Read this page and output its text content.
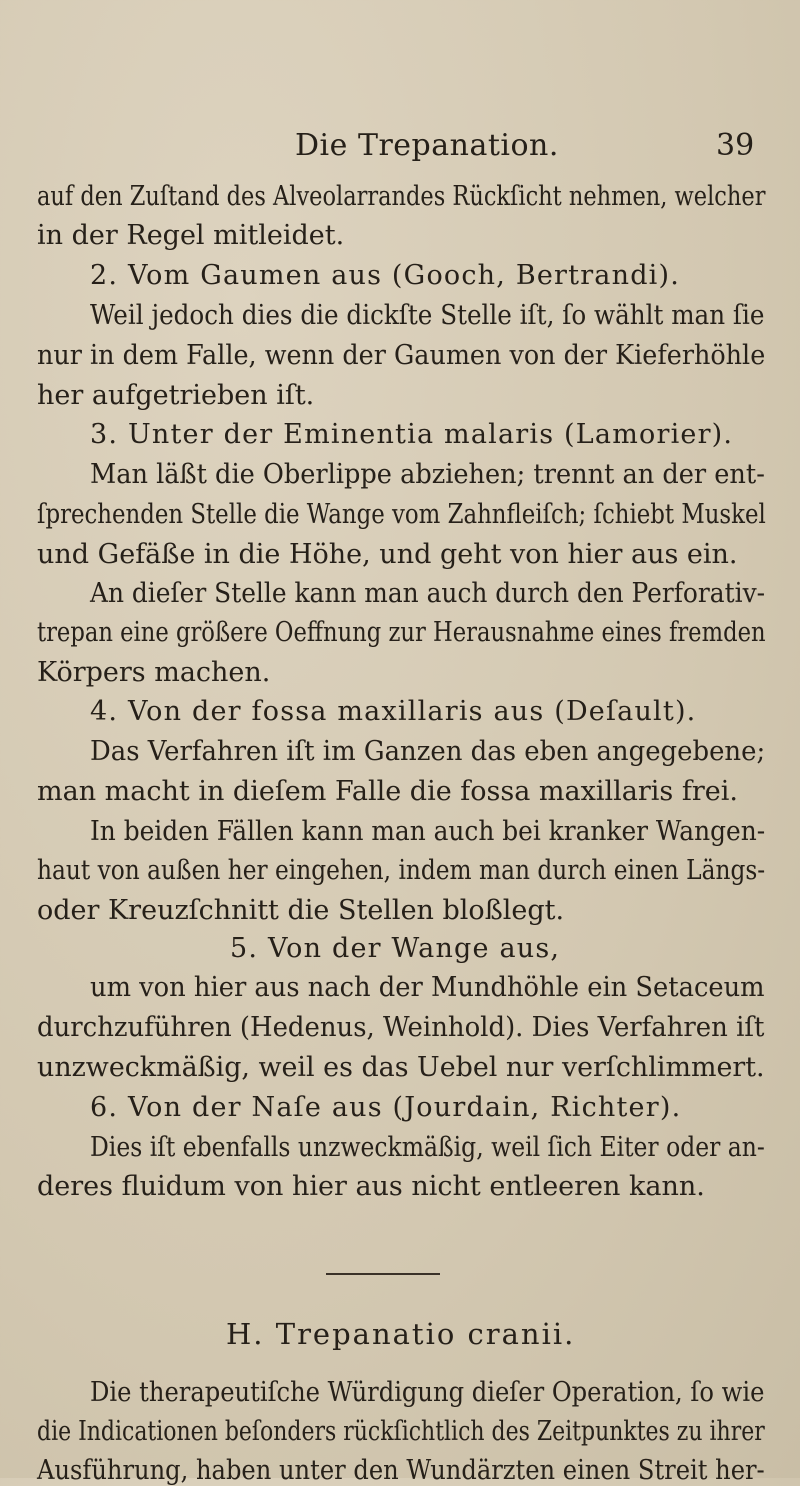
Die Trepanation.	39
auf den Zuſtand des Alveolarrandes Rückſicht nehmen, welcher
in der Regel mitleidet.
2. Vom Gaumen aus (Gooch, Bertrandi).
Weil jedoch dies die dickſte Stelle iſt, ſo wählt man ſie
nur in dem Falle, wenn der Gaumen von der Kieferhöhle
her aufgetrieben iſt.
3. Unter der Eminentia malaris (Lamorier).
Man läßt die Oberlippe abziehen; trennt an der ent-
ſprechenden Stelle die Wange vom Zahnfleiſch; ſchiebt Muskel
und Gefäße in die Höhe, und geht von hier aus ein.
An dieſer Stelle kann man auch durch den Perforativ-
trepan eine größere Oeffnung zur Herausnahme eines fremden
Körpers machen.
4. Von der fossa maxillaris aus (Deſault).
Das Verfahren iſt im Ganzen das eben angegebene;
man macht in dieſem Falle die fossa maxillaris frei.
In beiden Fällen kann man auch bei kranker Wangen-
haut von außen her eingehen, indem man durch einen Längs-
oder Kreuzſchnitt die Stellen bloßlegt.
5. Von der Wange aus,
um von hier aus nach der Mundhöhle ein Setaceum
durchzuführen (Hedenus, Weinhold). Dies Verfahren iſt
unzweckmäßig, weil es das Uebel nur verſchlimmert.
6. Von der Naſe aus (Jourdain, Richter).
Dies iſt ebenfalls unzweckmäßig, weil ſich Eiter oder an-
deres fluidum von hier aus nicht entleeren kann.
H. Trepanatio cranii.
Die therapeutiſche Würdigung dieſer Operation, ſo wie
die Indicationen beſonders rückſichtlich des Zeitpunktes zu ihrer
Ausführung, haben unter den Wundärzten einen Streit her-
